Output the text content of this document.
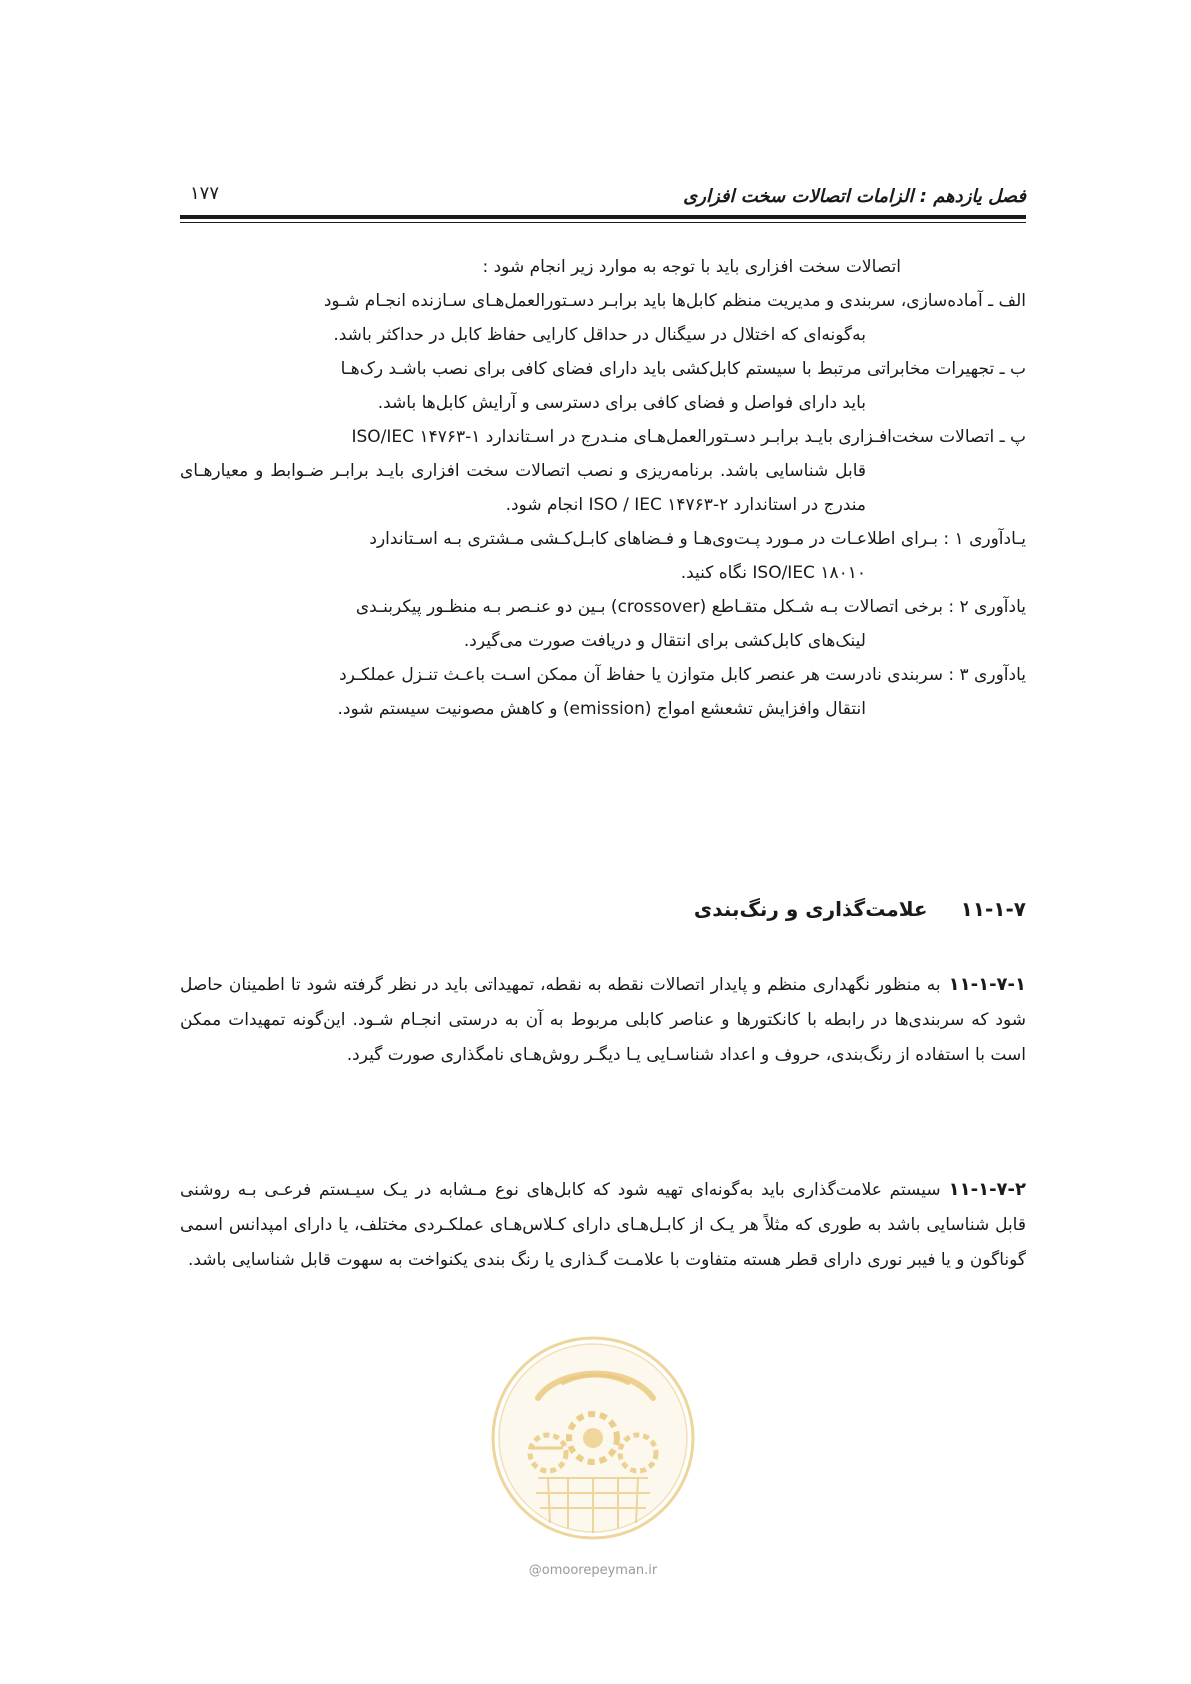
فصل یازدهم : الزامات اتصالات سخت افزاری
۱۷۷
اتصالات سخت افزاری باید با توجه به موارد زیر انجام شود :
الف ـ آماده‌سازی، سربندی و مدیریت منظم کابل‌ها باید برابـر دسـتورالعمل‌هـای سـازنده انجـام شـود
به‌گونه‌ای که اختلال در سیگنال در حداقل کارایی حفاظ کابل در حداکثر باشد.
ب ـ تجهیرات مخابراتی مرتبط با سیستم کابل‌کشی باید دارای فضای کافی برای نصب باشـد رک‌هـا
باید دارای فواصل و فضای کافی برای دسترسی و آرایش کابل‌ها باشد.
پ ـ اتصالات سخت‌افـزاری بایـد برابـر دسـتورالعمل‌هـای منـدرج در اسـتاندارد ۱-۱۴۷۶۳ ISO/IEC
قابل شناسایی باشد. برنامه‌ریزی و نصب اتصالات سخت افزاری بایـد برابـر ضـوابط و معیارهـای مندرج در استاندارد ۲-۱۴۷۶۳ ISO / IEC انجام شود.
یـادآوری ۱ : بـرای اطلاعـات در مـورد پـت‌وی‌هـا و فـضاهای کابـل‌کـشی مـشتری بـه اسـتاندارد
ISO/IEC ۱۸۰۱۰ نگاه کنید.
یادآوری ۲ : برخی اتصالات بـه شـکل متقـاطع (crossover) بـین دو عنـصر بـه منظـور پیکربنـدی
لینک‌های کابل‌کشی برای انتقال و دریافت صورت می‌گیرد.
یادآوری ۳ : سربندی نادرست هر عنصر کابل متوازن یا حفاظ آن ممکن اسـت باعـث تنـزل عملکـرد
انتقال وافزایش تشعشع امواج (emission) و کاهش مصونیت سیستم شود.
۱۱-۱-۷ علامت‌گذاری و رنگ‌بندی
۱۱-۱-۷-۱به منظور نگهداری منظم و پایدار اتصالات نقطه به نقطه، تمهیداتی باید در نظر گرفته شود تا اطمینان حاصل شود که سربندی‌ها در رابطه با کانکتورها و عناصر کابلی مربوط به آن به درستی انجـام شـود. این‌گونه تمهیدات ممکن است با استفاده از رنگ‌بندی، حروف و اعداد شناسـایی یـا دیگـر روش‌هـای نامگذاری صورت گیرد.
۱۱-۱-۷-۲سیستم علامت‌گذاری باید به‌گونه‌ای تهیه شود که کابل‌های نوع مـشابه در یـک سیـستم فرعـی بـه روشنی قابل شناسایی باشد به طوری که مثلاً هر یـک از کابـل‌هـای دارای کـلاس‌هـای عملکـردی مختلف، یا دارای امپدانس اسمی گوناگون و یا فیبر نوری دارای قطر هسته متفاوت با علامـت گـذاری یا رنگ بندی یکنواخت به سهوت قابل شناسایی باشد.
@omoorepeyman.ir
